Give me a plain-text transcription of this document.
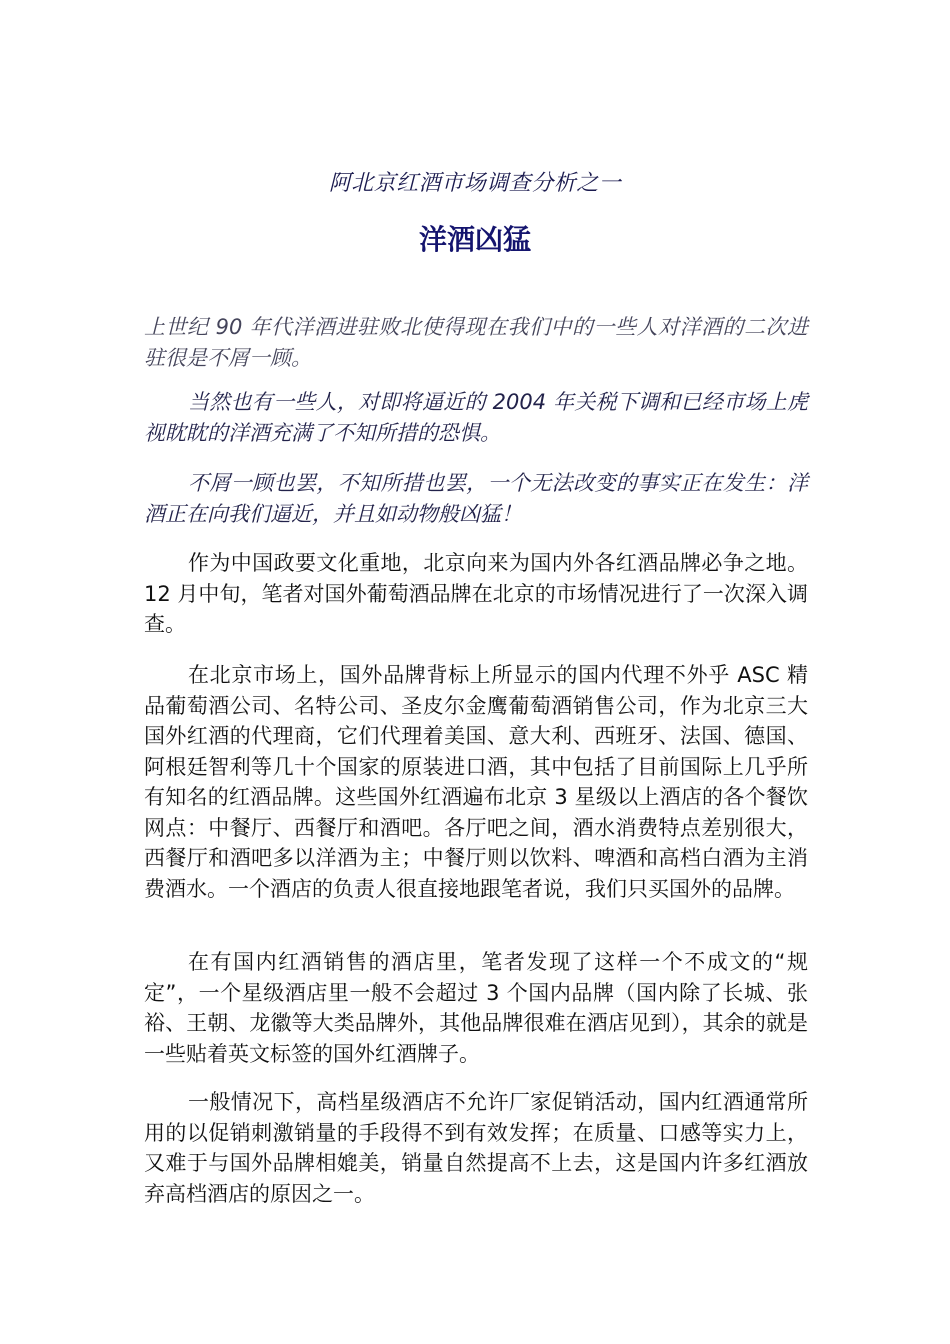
阿北京红酒市场调查分析之一
洋酒凶猛

上世纪 90 年代洋酒进驻败北使得现在我们中的一些人对洋酒的二次进驻很是不屑一顾。

当然也有一些人，对即将逼近的 2004 年关税下调和已经市场上虎视眈眈的洋酒充满了不知所措的恐惧。

不屑一顾也罢，不知所措也罢，一个无法改变的事实正在发生：洋酒正在向我们逼近，并且如动物般凶猛！

作为中国政要文化重地，北京向来为国内外各红酒品牌必争之地。12 月中旬，笔者对国外葡萄酒品牌在北京的市场情况进行了一次深入调查。

在北京市场上，国外品牌背标上所显示的国内代理不外乎 ASC 精品葡萄酒公司、名特公司、圣皮尔金鹰葡萄酒销售公司，作为北京三大国外红酒的代理商，它们代理着美国、意大利、西班牙、法国、德国、阿根廷智利等几十个国家的原装进口酒，其中包括了目前国际上几乎所有知名的红酒品牌。这些国外红酒遍布北京 3 星级以上酒店的各个餐饮网点：中餐厅、西餐厅和酒吧。各厅吧之间，酒水消费特点差别很大，西餐厅和酒吧多以洋酒为主；中餐厅则以饮料、啤酒和高档白酒为主消费酒水。一个酒店的负责人很直接地跟笔者说，我们只买国外的品牌。

在有国内红酒销售的酒店里，笔者发现了这样一个不成文的“规定”，一个星级酒店里一般不会超过 3 个国内品牌（国内除了长城、张裕、王朝、龙徽等大类品牌外，其他品牌很难在酒店见到），其余的就是一些贴着英文标签的国外红酒牌子。

一般情况下，高档星级酒店不允许厂家促销活动，国内红酒通常所用的以促销刺激销量的手段得不到有效发挥；在质量、口感等实力上，又难于与国外品牌相媲美，销量自然提高不上去，这是国内许多红酒放弃高档酒店的原因之一。
